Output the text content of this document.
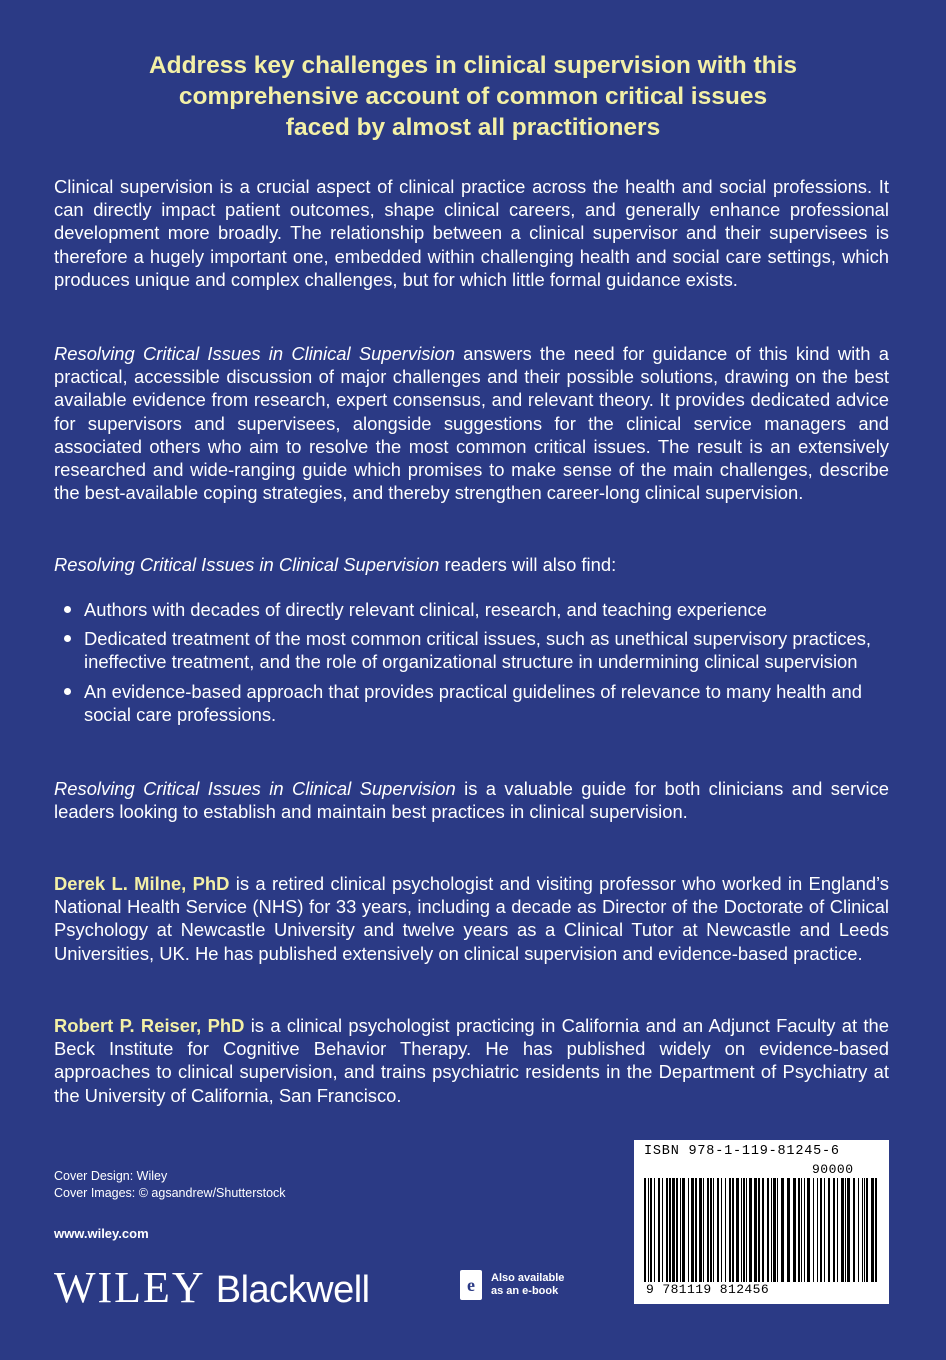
Address key challenges in clinical supervision with this
comprehensive account of common critical issues
faced by almost all practitioners
Clinical supervision is a crucial aspect of clinical practice across the health and social professions. It can directly impact patient outcomes, shape clinical careers, and generally enhance professional development more broadly. The relationship between a clinical supervisor and their supervisees is therefore a hugely important one, embedded within challenging health and social care settings, which produces unique and complex challenges, but for which little formal guidance exists.
Resolving Critical Issues in Clinical Supervision answers the need for guidance of this kind with a practical, accessible discussion of major challenges and their possible solutions, drawing on the best available evidence from research, expert consensus, and relevant theory. It provides dedicated advice for supervisors and supervisees, alongside suggestions for the clinical service managers and associated others who aim to resolve the most common critical issues. The result is an extensively researched and wide-ranging guide which promises to make sense of the main challenges, describe the best-available coping strategies, and thereby strengthen career-long clinical supervision.
Resolving Critical Issues in Clinical Supervision readers will also find:
Authors with decades of directly relevant clinical, research, and teaching experience
Dedicated treatment of the most common critical issues, such as unethical supervisory practices, ineffective treatment, and the role of organizational structure in undermining clinical supervision
An evidence-based approach that provides practical guidelines of relevance to many health and social care professions.
Resolving Critical Issues in Clinical Supervision is a valuable guide for both clinicians and service leaders looking to establish and maintain best practices in clinical supervision.
Derek L. Milne, PhD is a retired clinical psychologist and visiting professor who worked in England’s National Health Service (NHS) for 33 years, including a decade as Director of the Doctorate of Clinical Psychology at Newcastle University and twelve years as a Clinical Tutor at Newcastle and Leeds Universities, UK. He has published extensively on clinical supervision and evidence-based practice.
Robert P. Reiser, PhD is a clinical psychologist practicing in California and an Adjunct Faculty at the Beck Institute for Cognitive Behavior Therapy. He has published widely on evidence-based approaches to clinical supervision, and trains psychiatric residents in the Department of Psychiatry at the University of California, San Francisco.
Cover Design: Wiley
Cover Images: © agsandrew/Shutterstock
www.wiley.com
WILEY Blackwell	e	Also available
as an e-book
ISBN 978-1-119-81245-6
90000
9 781119 812456
